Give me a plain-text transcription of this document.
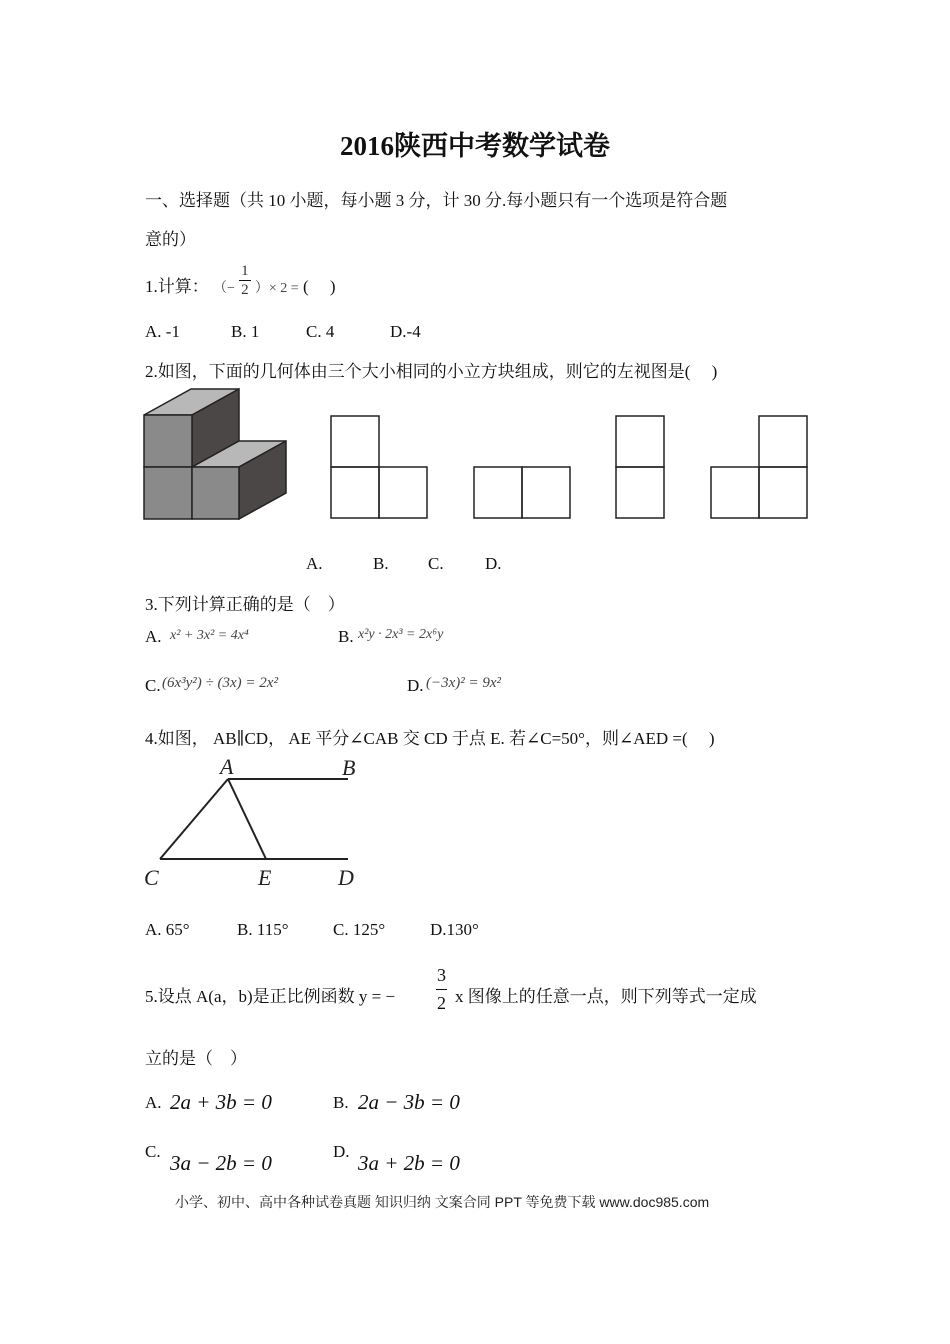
2016陕西中考数学试卷
一、选择题（共 10 小题，每小题 3 分，计 30 分.每小题只有一个选项是符合题
意的）
1.计算： （− $\frac{1}{2}$ ）× 2 = (　 )
A. -1	B. 1	C. 4	D.-4
2.如图，下面的几何体由三个大小相同的小立方块组成，则它的左视图是(　 )
A.	B. C. D.
3.下列计算正确的是（　）
A. x² + 3x² = 4x⁴	B. x²y · 2x³ = 2x⁶y
C. (6x³y²) ÷ (3x) = 2x²	D. (−3x)² = 9x²
4.如图， AB∥CD， AE 平分∠CAB 交 CD 于点 E. 若∠C=50°，则∠AED =(　 )
A	B
C	E	D
A. 65°	B. 115°	C. 125°	D.130°
5.设点 A(a，b)是正比例函数 y = − $\frac{3}{2}$ x 图像上的任意一点，则下列等式一定成
立的是（　）
A. 2a + 3b = 0	B. 2a − 3b = 0
C. 3a − 2b = 0	D. 3a + 2b = 0
小学、初中、高中各种试卷真题 知识归纳 文案合同 PPT 等免费下载 www.doc985.com
